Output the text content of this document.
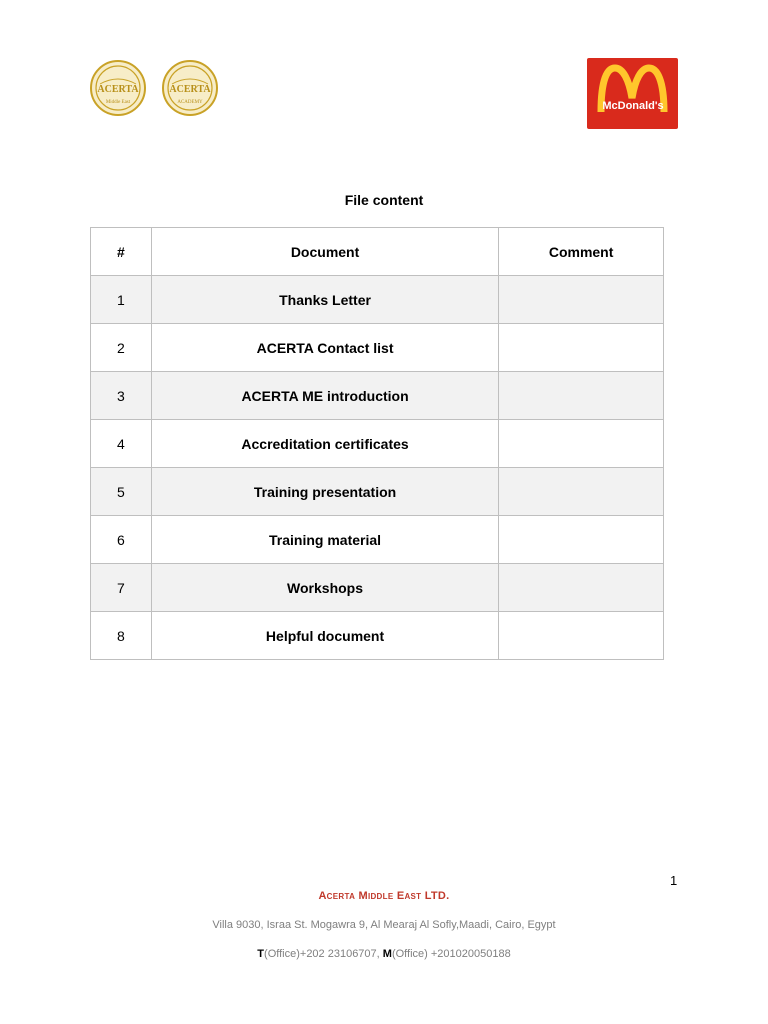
ACERTA
Middle East
ACERTA
ACADEMY	McDonald's
File content
#	Document	Comment
1	Thanks Letter	
2	ACERTA Contact list	
3	ACERTA ME introduction	
4	Accreditation certificates	
5	Training presentation	
6	Training material	
7	Workshops	
8	Helpful document	
1
Acerta Middle East LTD.
Villa 9030, Israa St. Mogawra 9, Al Mearaj Al Sofly,Maadi, Cairo, Egypt
T(Office)+202 23106707, M(Office) +201020050188
